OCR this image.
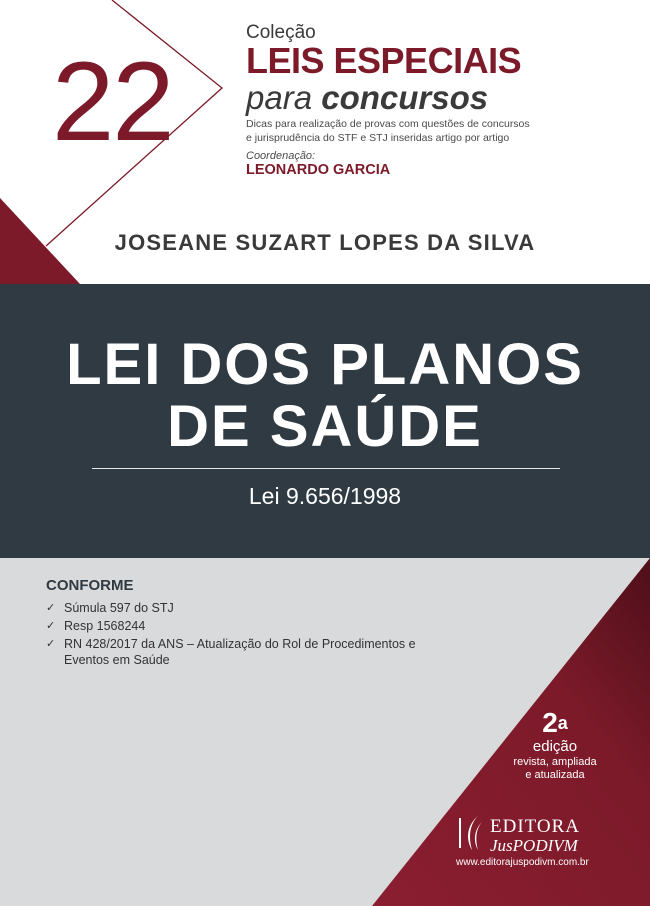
22
Coleção
LEIS ESPECIAIS
para concursos
Dicas para realização de provas com questões de concursos
e jurisprudência do STF e STJ inseridas artigo por artigo
Coordenação:
LEONARDO GARCIA
JOSEANE SUZART LOPES DA SILVA
LEI DOS PLANOS
DE SAÚDE
Lei 9.656/1998
CONFORME
✓ Súmula 597 do STJ
✓ Resp 1568244
✓ RN 428/2017 da ANS – Atualização do Rol de Procedimentos e
Eventos em Saúde
2$^a$
edição
revista, ampliada
e atualizada
EDITORA
JusPODIVM
www.editorajuspodivm.com.br
